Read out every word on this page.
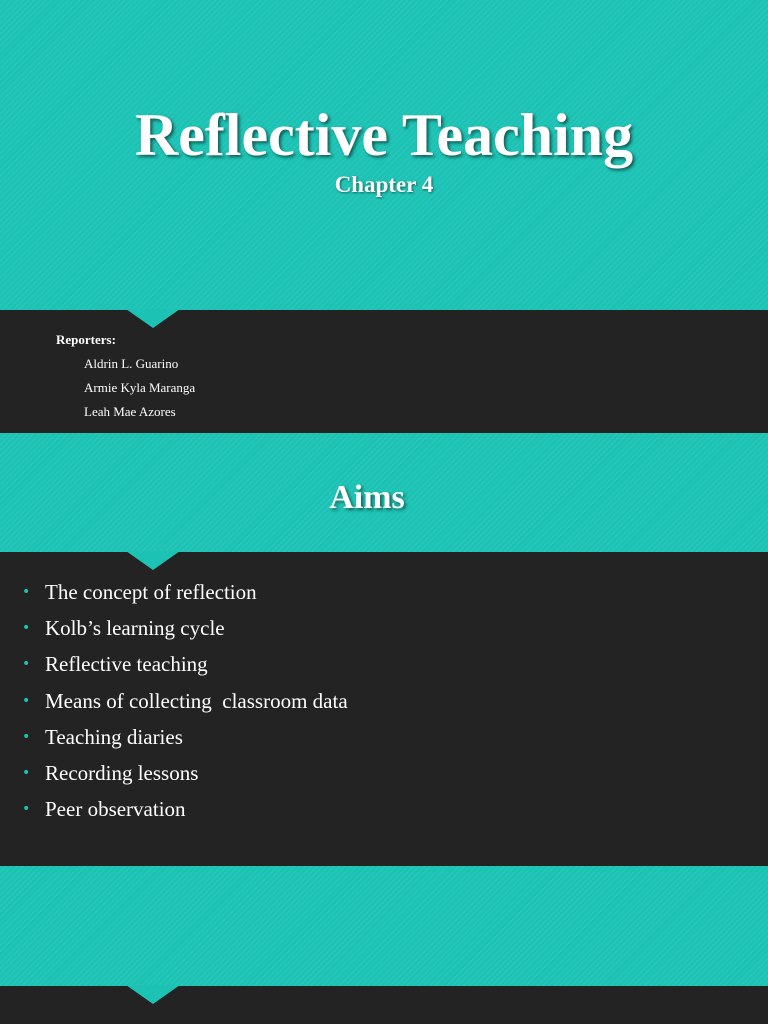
Reflective Teaching
Chapter 4
Reporters:
Aldrin L. Guarino
Armie Kyla Maranga
Leah Mae Azores
Aims
• The concept of reflection
• Kolb’s learning cycle
• Reflective teaching
• Means of collecting  classroom data
• Teaching diaries
• Recording lessons
• Peer observation
